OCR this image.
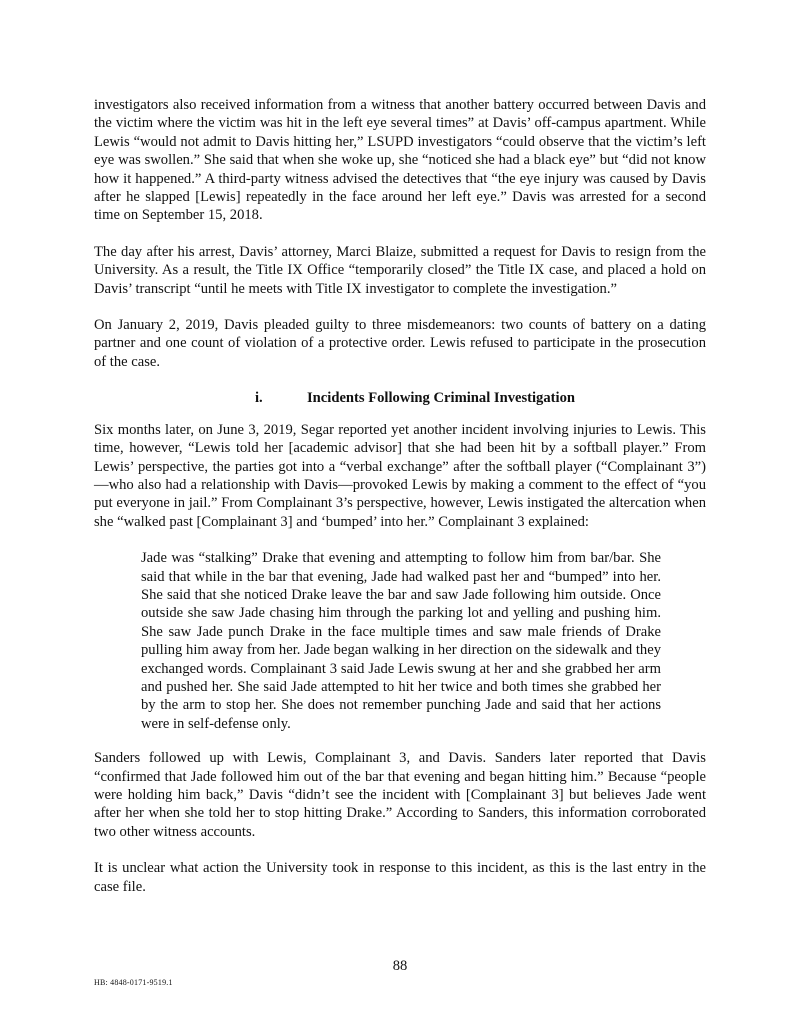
investigators also received information from a witness that another battery occurred between Davis and the victim where the victim was hit in the left eye several times” at Davis’ off-campus apartment. While Lewis “would not admit to Davis hitting her,” LSUPD investigators “could observe that the victim’s left eye was swollen.” She said that when she woke up, she “noticed she had a black eye” but “did not know how it happened.” A third-party witness advised the detectives that “the eye injury was caused by Davis after he slapped [Lewis] repeatedly in the face around her left eye.” Davis was arrested for a second time on September 15, 2018.

The day after his arrest, Davis’ attorney, Marci Blaize, submitted a request for Davis to resign from the University. As a result, the Title IX Office “temporarily closed” the Title IX case, and placed a hold on Davis’ transcript “until he meets with Title IX investigator to complete the investigation.”

On January 2, 2019, Davis pleaded guilty to three misdemeanors: two counts of battery on a dating partner and one count of violation of a protective order. Lewis refused to participate in the prosecution of the case.

i.	Incidents Following Criminal Investigation

Six months later, on June 3, 2019, Segar reported yet another incident involving injuries to Lewis. This time, however, “Lewis told her [academic advisor] that she had been hit by a softball player.” From Lewis’ perspective, the parties got into a “verbal exchange” after the softball player (“Complainant 3”)—who also had a relationship with Davis—provoked Lewis by making a comment to the effect of “you put everyone in jail.” From Complainant 3’s perspective, however, Lewis instigated the altercation when she “walked past [Complainant 3] and ‘bumped’ into her.” Complainant 3 explained:

Jade was “stalking” Drake that evening and attempting to follow him from bar/bar. She said that while in the bar that evening, Jade had walked past her and “bumped” into her. She said that she noticed Drake leave the bar and saw Jade following him outside. Once outside she saw Jade chasing him through the parking lot and yelling and pushing him. She saw Jade punch Drake in the face multiple times and saw male friends of Drake pulling him away from her. Jade began walking in her direction on the sidewalk and they exchanged words. Complainant 3 said Jade Lewis swung at her and she grabbed her arm and pushed her. She said Jade attempted to hit her twice and both times she grabbed her by the arm to stop her. She does not remember punching Jade and said that her actions were in self-defense only.

Sanders followed up with Lewis, Complainant 3, and Davis. Sanders later reported that Davis “confirmed that Jade followed him out of the bar that evening and began hitting him.” Because “people were holding him back,” Davis “didn’t see the incident with [Complainant 3] but believes Jade went after her when she told her to stop hitting Drake.” According to Sanders, this information corroborated two other witness accounts.

It is unclear what action the University took in response to this incident, as this is the last entry in the case file.

88
HB: 4848-0171-9519.1
